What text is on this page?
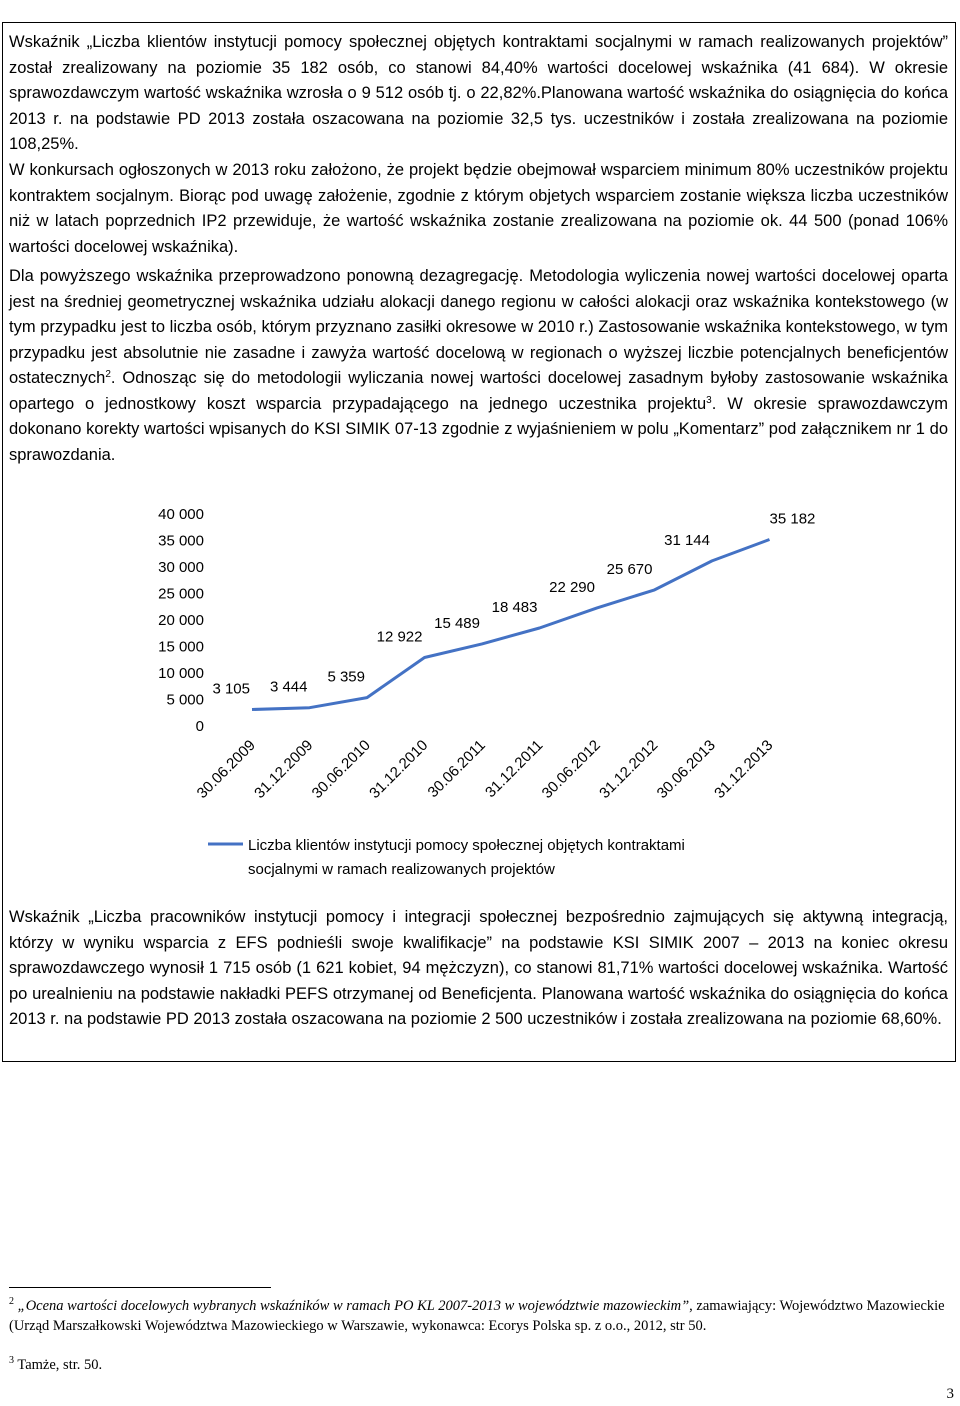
Wskaźnik „Liczba klientów instytucji pomocy społecznej objętych kontraktami socjalnymi w ramach realizowanych projektów” został zrealizowany na poziomie 35 182 osób, co stanowi 84,40% wartości docelowej wskaźnika (41 684). W okresie sprawozdawczym wartość wskaźnika wzrosła o 9 512 osób tj. o 22,82%.Planowana wartość wskaźnika do osiągnięcia do końca 2013 r. na podstawie PD 2013 została oszacowana na poziomie 32,5 tys. uczestników i została zrealizowana na poziomie 108,25%.

W konkursach ogłoszonych w 2013 roku założono, że projekt będzie obejmował wsparciem minimum 80% uczestników projektu kontraktem socjalnym. Biorąc pod uwagę założenie, zgodnie z którym objetych wsparciem zostanie większa liczba uczestników niż w latach poprzednich IP2 przewiduje, że wartość wskaźnika zostanie zrealizowana na poziomie ok. 44 500 (ponad 106% wartości docelowej wskaźnika).

Dla powyższego wskaźnika przeprowadzono ponowną dezagregację. Metodologia wyliczenia nowej wartości docelowej oparta jest na średniej geometrycznej wskaźnika udziału alokacji danego regionu w całości alokacji oraz wskaźnika kontekstowego (w tym przypadku jest to liczba osób, którym przyznano zasiłki okresowe w 2010 r.) Zastosowanie wskaźnika kontekstowego, w tym przypadku jest absolutnie nie zasadne i zawyża wartość docelową w regionach o wyższej liczbie potencjalnych beneficjentów ostatecznych$^2$. Odnosząc się do metodologii wyliczania nowej wartości docelowej zasadnym byłoby zastosowanie wskaźnika opartego o jednostkowy koszt wsparcia przypadającego na jednego uczestnika projektu$^3$. W okresie sprawozdawczym dokonano korekty wartości wpisanych do KSI SIMIK 07-13 zgodnie z wyjaśnieniem w polu „Komentarz” pod załącznikem nr 1 do sprawozdania.

0
5 000
10 000
15 000
20 000
25 000
30 000
35 000
40 000
30.06.2009
31.12.2009
30.06.2010
31.12.2010
30.06.2011
31.12.2011
30.06.2012
31.12.2012
30.06.2013
31.12.2013
3 105 3 444
5 359
12 922
15 489
18 483
22 290
25 670
31 144
35 182
Liczba klientów instytucji pomocy społecznej objętych kontraktami
socjalnymi w ramach realizowanych projektów

Wskaźnik „Liczba pracowników instytucji pomocy i integracji społecznej bezpośrednio zajmujących się aktywną integracją, którzy w wyniku wsparcia z EFS podnieśli swoje kwalifikacje” na podstawie KSI SIMIK 2007 – 2013 na koniec okresu sprawozdawczego wynosił 1 715 osób (1 621 kobiet, 94 mężczyzn), co stanowi 81,71% wartości docelowej wskaźnika. Wartość po urealnieniu na podstawie nakładki PEFS otrzymanej od Beneficjenta. Planowana wartość wskaźnika do osiągnięcia do końca 2013 r. na podstawie PD 2013 została oszacowana na poziomie 2 500 uczestników i została zrealizowana na poziomie 68,60%.

$^2$ „Ocena wartości docelowych wybranych wskaźników w ramach PO KL 2007-2013 w województwie mazowieckim”, zamawiający: Województwo Mazowieckie (Urząd Marszałkowski Województwa Mazowieckiego w Warszawie, wykonawca: Ecorys Polska sp. z o.o., 2012, str 50.

$^3$ Tamże, str. 50.

3
